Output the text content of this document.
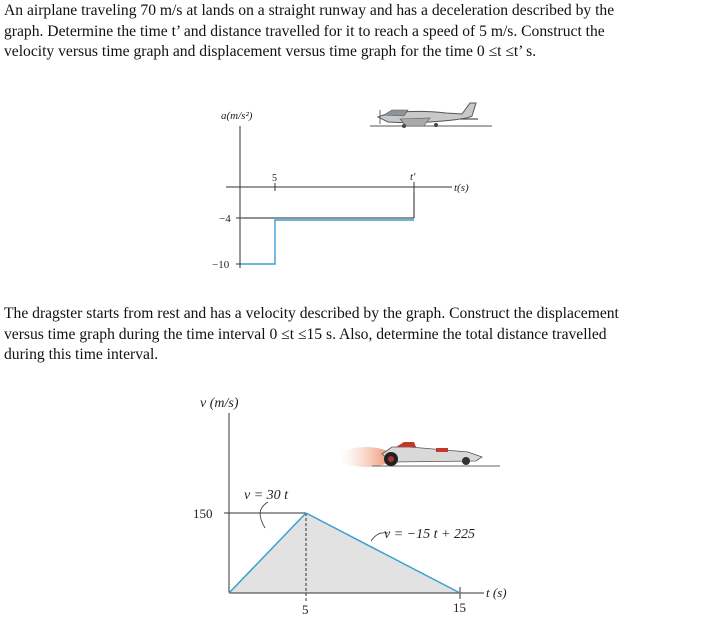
An airplane traveling 70 m/s at lands on a straight runway and has a deceleration described by the
graph. Determine the time t’ and distance travelled for it to reach a speed of 5 m/s. Construct the
velocity versus time graph and displacement versus time graph for the time 0 ≤t ≤t’ s.
The dragster starts from rest and has a velocity described by the graph. Construct the displacement
versus time graph during the time interval 0 ≤t ≤15 s. Also, determine the total distance travelled
during this time interval.
a(m/s²)
t(s)
5	t′
−4
−10
v (m/s)
t (s)
150
5	15
v = 30 t
v = −15 t + 225
